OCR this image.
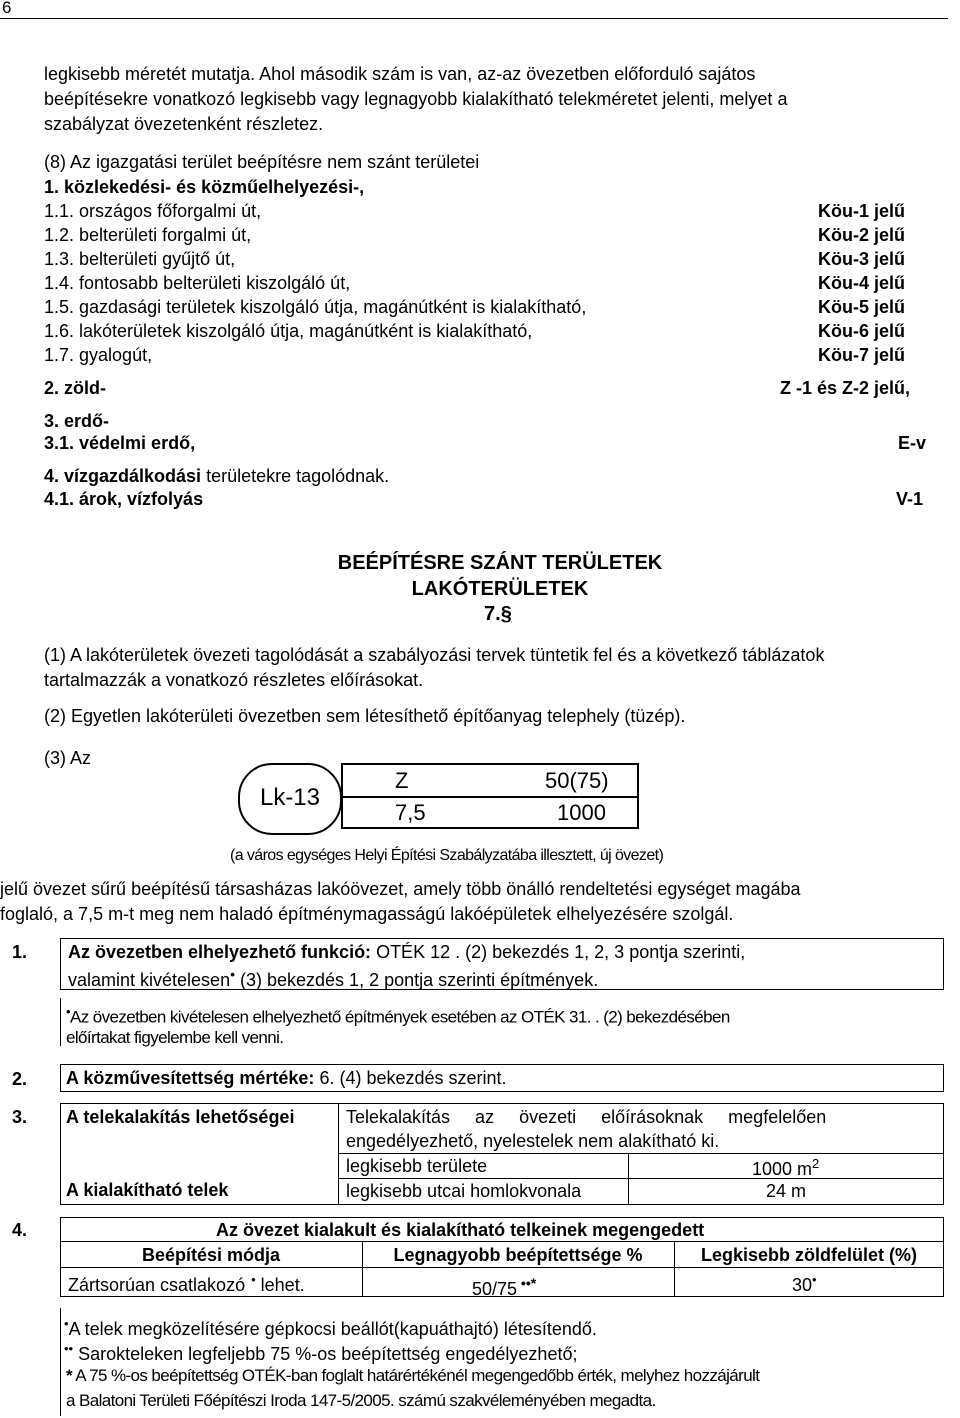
6
legkisebb méretét mutatja. Ahol második szám is van, az-az övezetben előforduló sajátos
beépítésekre vonatkozó legkisebb vagy legnagyobb kialakítható telekméretet jelenti, melyet a
szabályzat övezetenként részletez.
(8) Az igazgatási terület beépítésre nem szánt területei
1. közlekedési- és közműelhelyezési-,
1.1. országos főforgalmi út,	Köu-1 jelű
1.2. belterületi forgalmi út,	Köu-2 jelű
1.3. belterületi gyűjtő út,	Köu-3 jelű
1.4. fontosabb belterületi kiszolgáló út,	Köu-4 jelű
1.5. gazdasági területek kiszolgáló útja, magánútként is kialakítható,	Köu-5 jelű
1.6. lakóterületek kiszolgáló útja, magánútként is kialakítható,	Köu-6 jelű
1.7. gyalogút,	Köu-7 jelű
2. zöld-	Z -1 és Z-2 jelű,
3. erdő-
3.1. védelmi erdő,	E-v
4. vízgazdálkodási területekre tagolódnak.
4.1. árok, vízfolyás	V-1
BEÉPÍTÉSRE SZÁNT TERÜLETEK
LAKÓTERÜLETEK
7.§
(1) A lakóterületek övezeti tagolódását a szabályozási tervek tüntetik fel és a következő táblázatok
tartalmazzák a vonatkozó részletes előírásokat.
(2) Egyetlen lakóterületi övezetben sem létesíthető építőanyag telephely (tüzép).
(3) Az
Lk-13
Z	50(75)
7,5	1000
(a város egységes Helyi Építési Szabályzatába illesztett, új övezet)
jelű övezet sűrű beépítésű társasházas lakóövezet, amely több önálló rendeltetési egységet magába
foglaló, a 7,5 m-t meg nem haladó építménymagasságú lakóépületek elhelyezésére szolgál.
1. Az övezetben elhelyezhető funkció: OTÉK 12 . (2) bekezdés 1, 2, 3 pontja szerinti,
valamint kivételesen• (3) bekezdés 1, 2 pontja szerinti építmények.
•Az övezetben kivételesen elhelyezhető építmények esetében az OTÉK 31. . (2) bekezdésében
előírtakat figyelembe kell venni.
2. A közművesítettség mértéke: 6. (4) bekezdés szerint.
3. A telekalakítás lehetőségei	Telekalakítás     az     övezeti     előírásoknak     megfelelően
engedélyezhető, nyelestelek nem alakítható ki.
A kialakítható telek
legkisebb területe	1000 $m^2$
legkisebb utcai homlokvonala	24 m
4.	Az övezet kialakult és kialakítható telkeinek megengedett
Beépítési módja	Legnagyobb beépítettsége %	Legkisebb zöldfelület (%)
Zártsorúan csatlakozó • lehet.	50/75 ••*	30•
•A telek megközelítésére gépkocsi beállót(kapuáthajtó) létesítendő.
•• Sarokteleken legfeljebb 75 %-os beépítettség engedélyezhető;
* A 75 %-os beépítettség OTÉK-ban foglalt határértékénél megengedőbb érték, melyhez hozzájárult
a Balatoni Területi Főépítészi Iroda 147-5/2005. számú szakvéleményében megadta.
